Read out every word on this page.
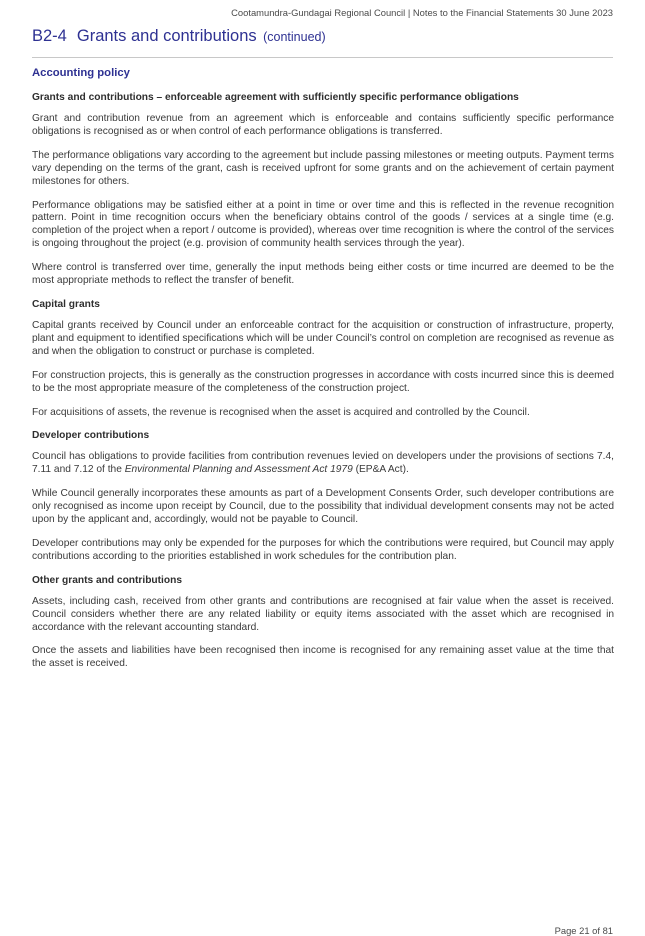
Cootamundra-Gundagai Regional Council | Notes to the Financial Statements 30 June 2023
B2-4 Grants and contributions (continued)
Accounting policy
Grants and contributions – enforceable agreement with sufficiently specific performance obligations

Grant and contribution revenue from an agreement which is enforceable and contains sufficiently specific performance obligations is recognised as or when control of each performance obligations is transferred.

The performance obligations vary according to the agreement but include passing milestones or meeting outputs. Payment terms vary depending on the terms of the grant, cash is received upfront for some grants and on the achievement of certain payment milestones for others.

Performance obligations may be satisfied either at a point in time or over time and this is reflected in the revenue recognition pattern. Point in time recognition occurs when the beneficiary obtains control of the goods / services at a single time (e.g. completion of the project when a report / outcome is provided), whereas over time recognition is where the control of the services is ongoing throughout the project (e.g. provision of community health services through the year).

Where control is transferred over time, generally the input methods being either costs or time incurred are deemed to be the most appropriate methods to reflect the transfer of benefit.

Capital grants

Capital grants received by Council under an enforceable contract for the acquisition or construction of infrastructure, property, plant and equipment to identified specifications which will be under Council’s control on completion are recognised as revenue as and when the obligation to construct or purchase is completed.

For construction projects, this is generally as the construction progresses in accordance with costs incurred since this is deemed to be the most appropriate measure of the completeness of the construction project.

For acquisitions of assets, the revenue is recognised when the asset is acquired and controlled by the Council.

Developer contributions

Council has obligations to provide facilities from contribution revenues levied on developers under the provisions of sections 7.4, 7.11 and 7.12 of the Environmental Planning and Assessment Act 1979 (EP&A Act).

While Council generally incorporates these amounts as part of a Development Consents Order, such developer contributions are only recognised as income upon receipt by Council, due to the possibility that individual development consents may not be acted upon by the applicant and, accordingly, would not be payable to Council.

Developer contributions may only be expended for the purposes for which the contributions were required, but Council may apply contributions according to the priorities established in work schedules for the contribution plan.

Other grants and contributions

Assets, including cash, received from other grants and contributions are recognised at fair value when the asset is received. Council considers whether there are any related liability or equity items associated with the asset which are recognised in accordance with the relevant accounting standard.

Once the assets and liabilities have been recognised then income is recognised for any remaining asset value at the time that the asset is received.

Page 21 of 81
